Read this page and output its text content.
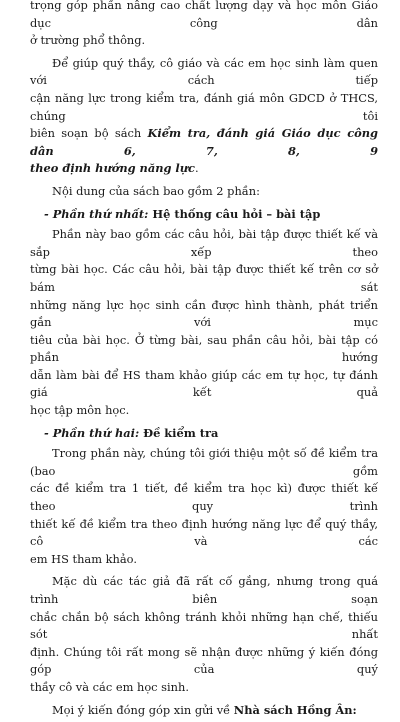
trọng góp phần nâng cao chất lượng dạy và học môn Giáo dục công dân
ở trường phổ thông.
Để giúp quý thầy, cô giáo và các em học sinh làm quen với cách tiếp
cận năng lực trong kiểm tra, đánh giá môn GDCD ở THCS, chúng tôi
biên soạn bộ sách Kiểm tra, đánh giá Giáo dục công dân 6, 7, 8, 9
theo định hướng năng lực.
Nội dung của sách bao gồm 2 phần:
- Phần thứ nhất: Hệ thống câu hỏi – bài tập
Phần này bao gồm các câu hỏi, bài tập được thiết kế và sắp xếp theo
từng bài học. Các câu hỏi, bài tập được thiết kế trên cơ sở bám sát
những năng lực học sinh cần được hình thành, phát triển gắn với mục
tiêu của bài học. Ở từng bài, sau phần câu hỏi, bài tập có phần hướng
dẫn làm bài để HS tham khảo giúp các em tự học, tự đánh giá kết quả
học tập môn học.
- Phần thứ hai: Đề kiểm tra
Trong phần này, chúng tôi giới thiệu một số đề kiểm tra (bao gồm
các đề kiểm tra 1 tiết, đề kiểm tra học kì) được thiết kế theo quy trình
thiết kế đề kiểm tra theo định hướng năng lực để quý thầy, cô và các
em HS tham khảo.
Mặc dù các tác giả đã rất cố gắng, nhưng trong quá trình biên soạn
chắc chắn bộ sách không tránh khỏi những hạn chế, thiếu sót nhất
định. Chúng tôi rất mong sẽ nhận được những ý kiến đóng góp của quý
thầy cô và các em học sinh.
Mọi ý kiến đóng góp xin gửi về Nhà sách Hồng Ân:
